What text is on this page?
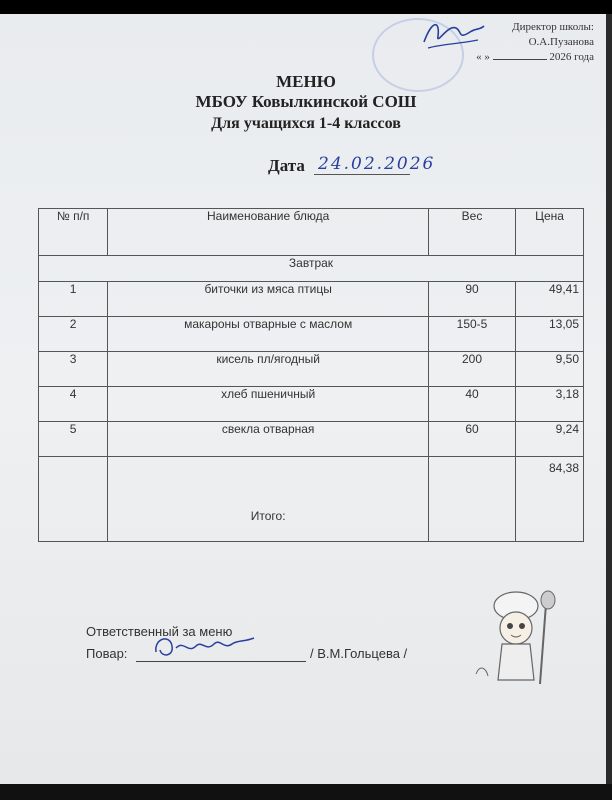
Директор школы:
О.А.Пузанова
« »	2026 года
МЕНЮ
МБОУ Ковылкинской СОШ
Для учащихся 1-4 классов
Дата 24.02.2026
№ п/п	Наименование блюда	Вес	Цена
Завтрак			
1	биточки из мяса птицы	90	49,41
2	макароны отварные с маслом	150-5	13,05
3	кисель пл/ягодный	200	9,50
4	хлеб пшеничный	40	3,18
5	свекла отварная	60	9,24
	Итого:		84,38
Ответственный за меню
Повар:	/ В.М.Гольцева /
